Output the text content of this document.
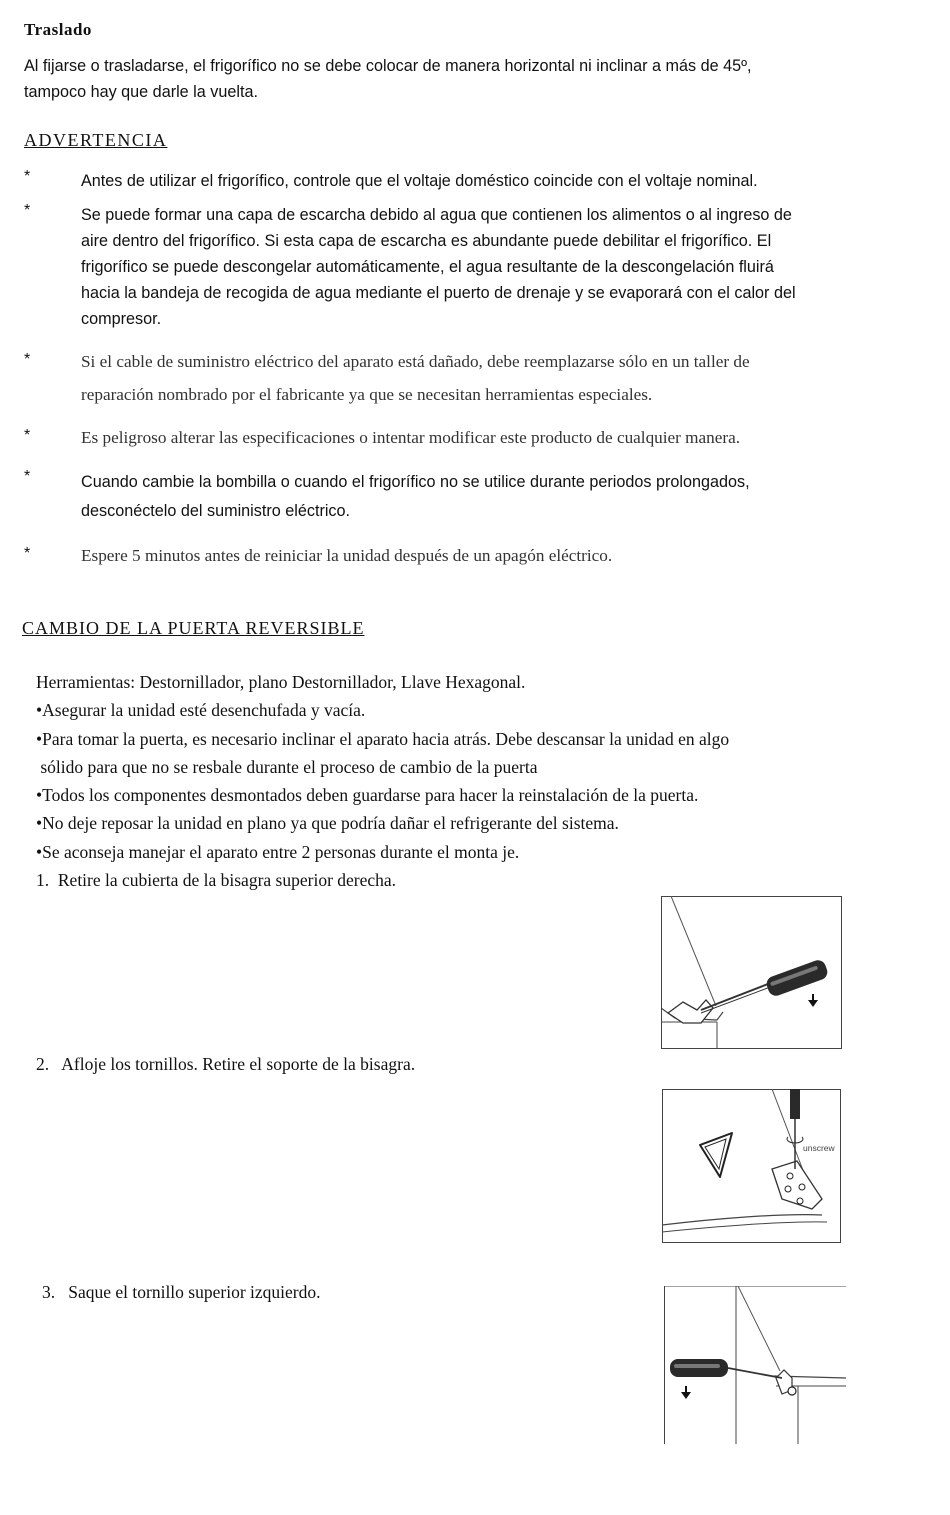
Traslado
Al fijarse o trasladarse, el frigorífico no se debe colocar de manera horizontal ni inclinar a más de 45º,
tampoco hay que darle la vuelta.
ADVERTENCIA
*	Antes de utilizar el frigorífico, controle que el voltaje doméstico coincide con el voltaje nominal.
*	Se puede formar una capa de escarcha debido al agua que contienen los alimentos o al ingreso de
aire dentro del frigorífico. Si esta capa de escarcha es abundante puede debilitar el frigorífico. El
frigorífico se puede descongelar automáticamente, el agua resultante de la descongelación fluirá
hacia la bandeja de recogida de agua mediante el puerto de drenaje y se evaporará con el calor del
compresor.
*	Si el cable de suministro eléctrico del aparato está dañado, debe reemplazarse sólo en un taller de
reparación nombrado por el fabricante ya que se necesitan herramientas especiales.
*	Es peligroso alterar las especificaciones o intentar modificar este producto de cualquier manera.
*	Cuando cambie la bombilla o cuando el frigorífico no se utilice durante periodos prolongados,
desconéctelo del suministro eléctrico.
*	Espere 5 minutos antes de reiniciar la unidad después de un apagón eléctrico.
CAMBIO DE LA PUERTA REVERSIBLE
Herramientas: Destornillador, plano Destornillador, Llave Hexagonal.
•Asegurar la unidad esté desenchufada y vacía.
•Para tomar la puerta, es necesario inclinar el aparato hacia atrás. Debe descansar la unidad en algo
sólido para que no se resbale durante el proceso de cambio de la puerta
•Todos los componentes desmontados deben guardarse para hacer la reinstalación de la puerta.
•No deje reposar la unidad en plano ya que podría dañar el refrigerante del sistema.
•Se aconseja manejar el aparato entre 2 personas durante el monta je.
1.  Retire la cubierta de la bisagra superior derecha.
2.   Afloje los tornillos. Retire el soporte de la bisagra.
3.   Saque el tornillo superior izquierdo.
unscrew
